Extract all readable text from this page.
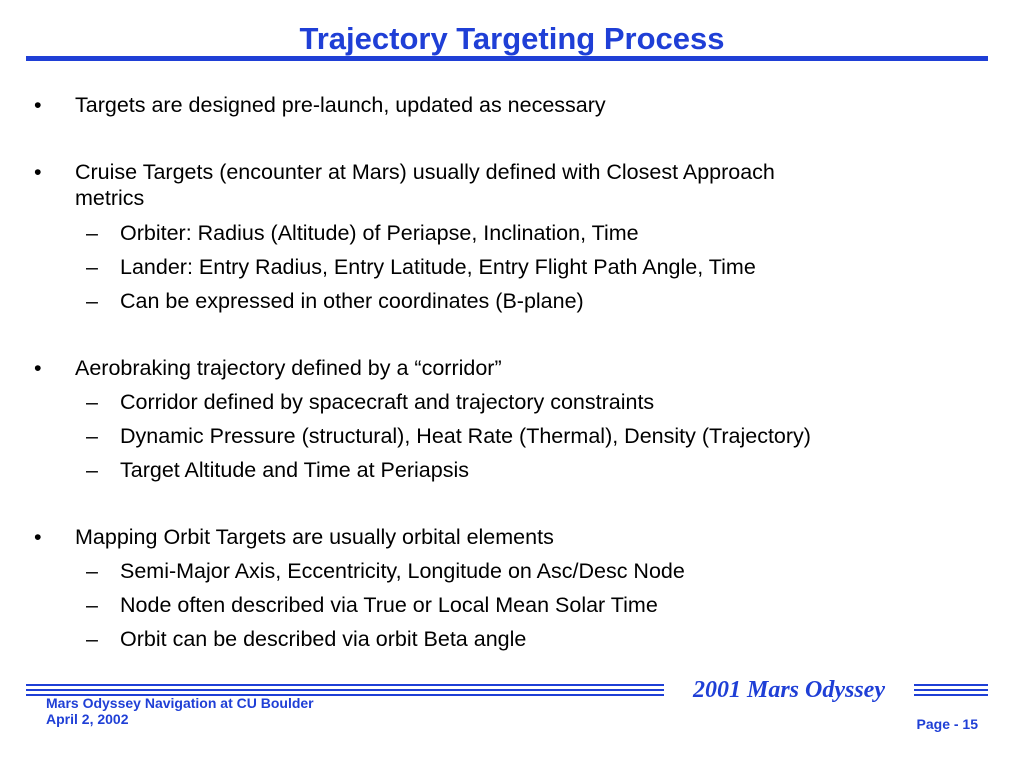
Trajectory Targeting Process
• Targets are designed pre-launch, updated as necessary
• Cruise Targets (encounter at Mars) usually defined with Closest Approach
metrics
– Orbiter: Radius (Altitude) of Periapse, Inclination, Time
– Lander: Entry Radius, Entry Latitude, Entry Flight Path Angle, Time
– Can be expressed in other coordinates (B-plane)
• Aerobraking trajectory defined by a “corridor”
– Corridor defined by spacecraft and trajectory constraints
– Dynamic Pressure (structural), Heat Rate (Thermal), Density (Trajectory)
– Target Altitude and Time at Periapsis
• Mapping Orbit Targets are usually orbital elements
– Semi-Major Axis, Eccentricity, Longitude on Asc/Desc Node
– Node often described via True or Local Mean Solar Time
– Orbit can be described via orbit Beta angle
2001 Mars Odyssey
Mars Odyssey Navigation at CU Boulder
April 2, 2002	Page - 15
